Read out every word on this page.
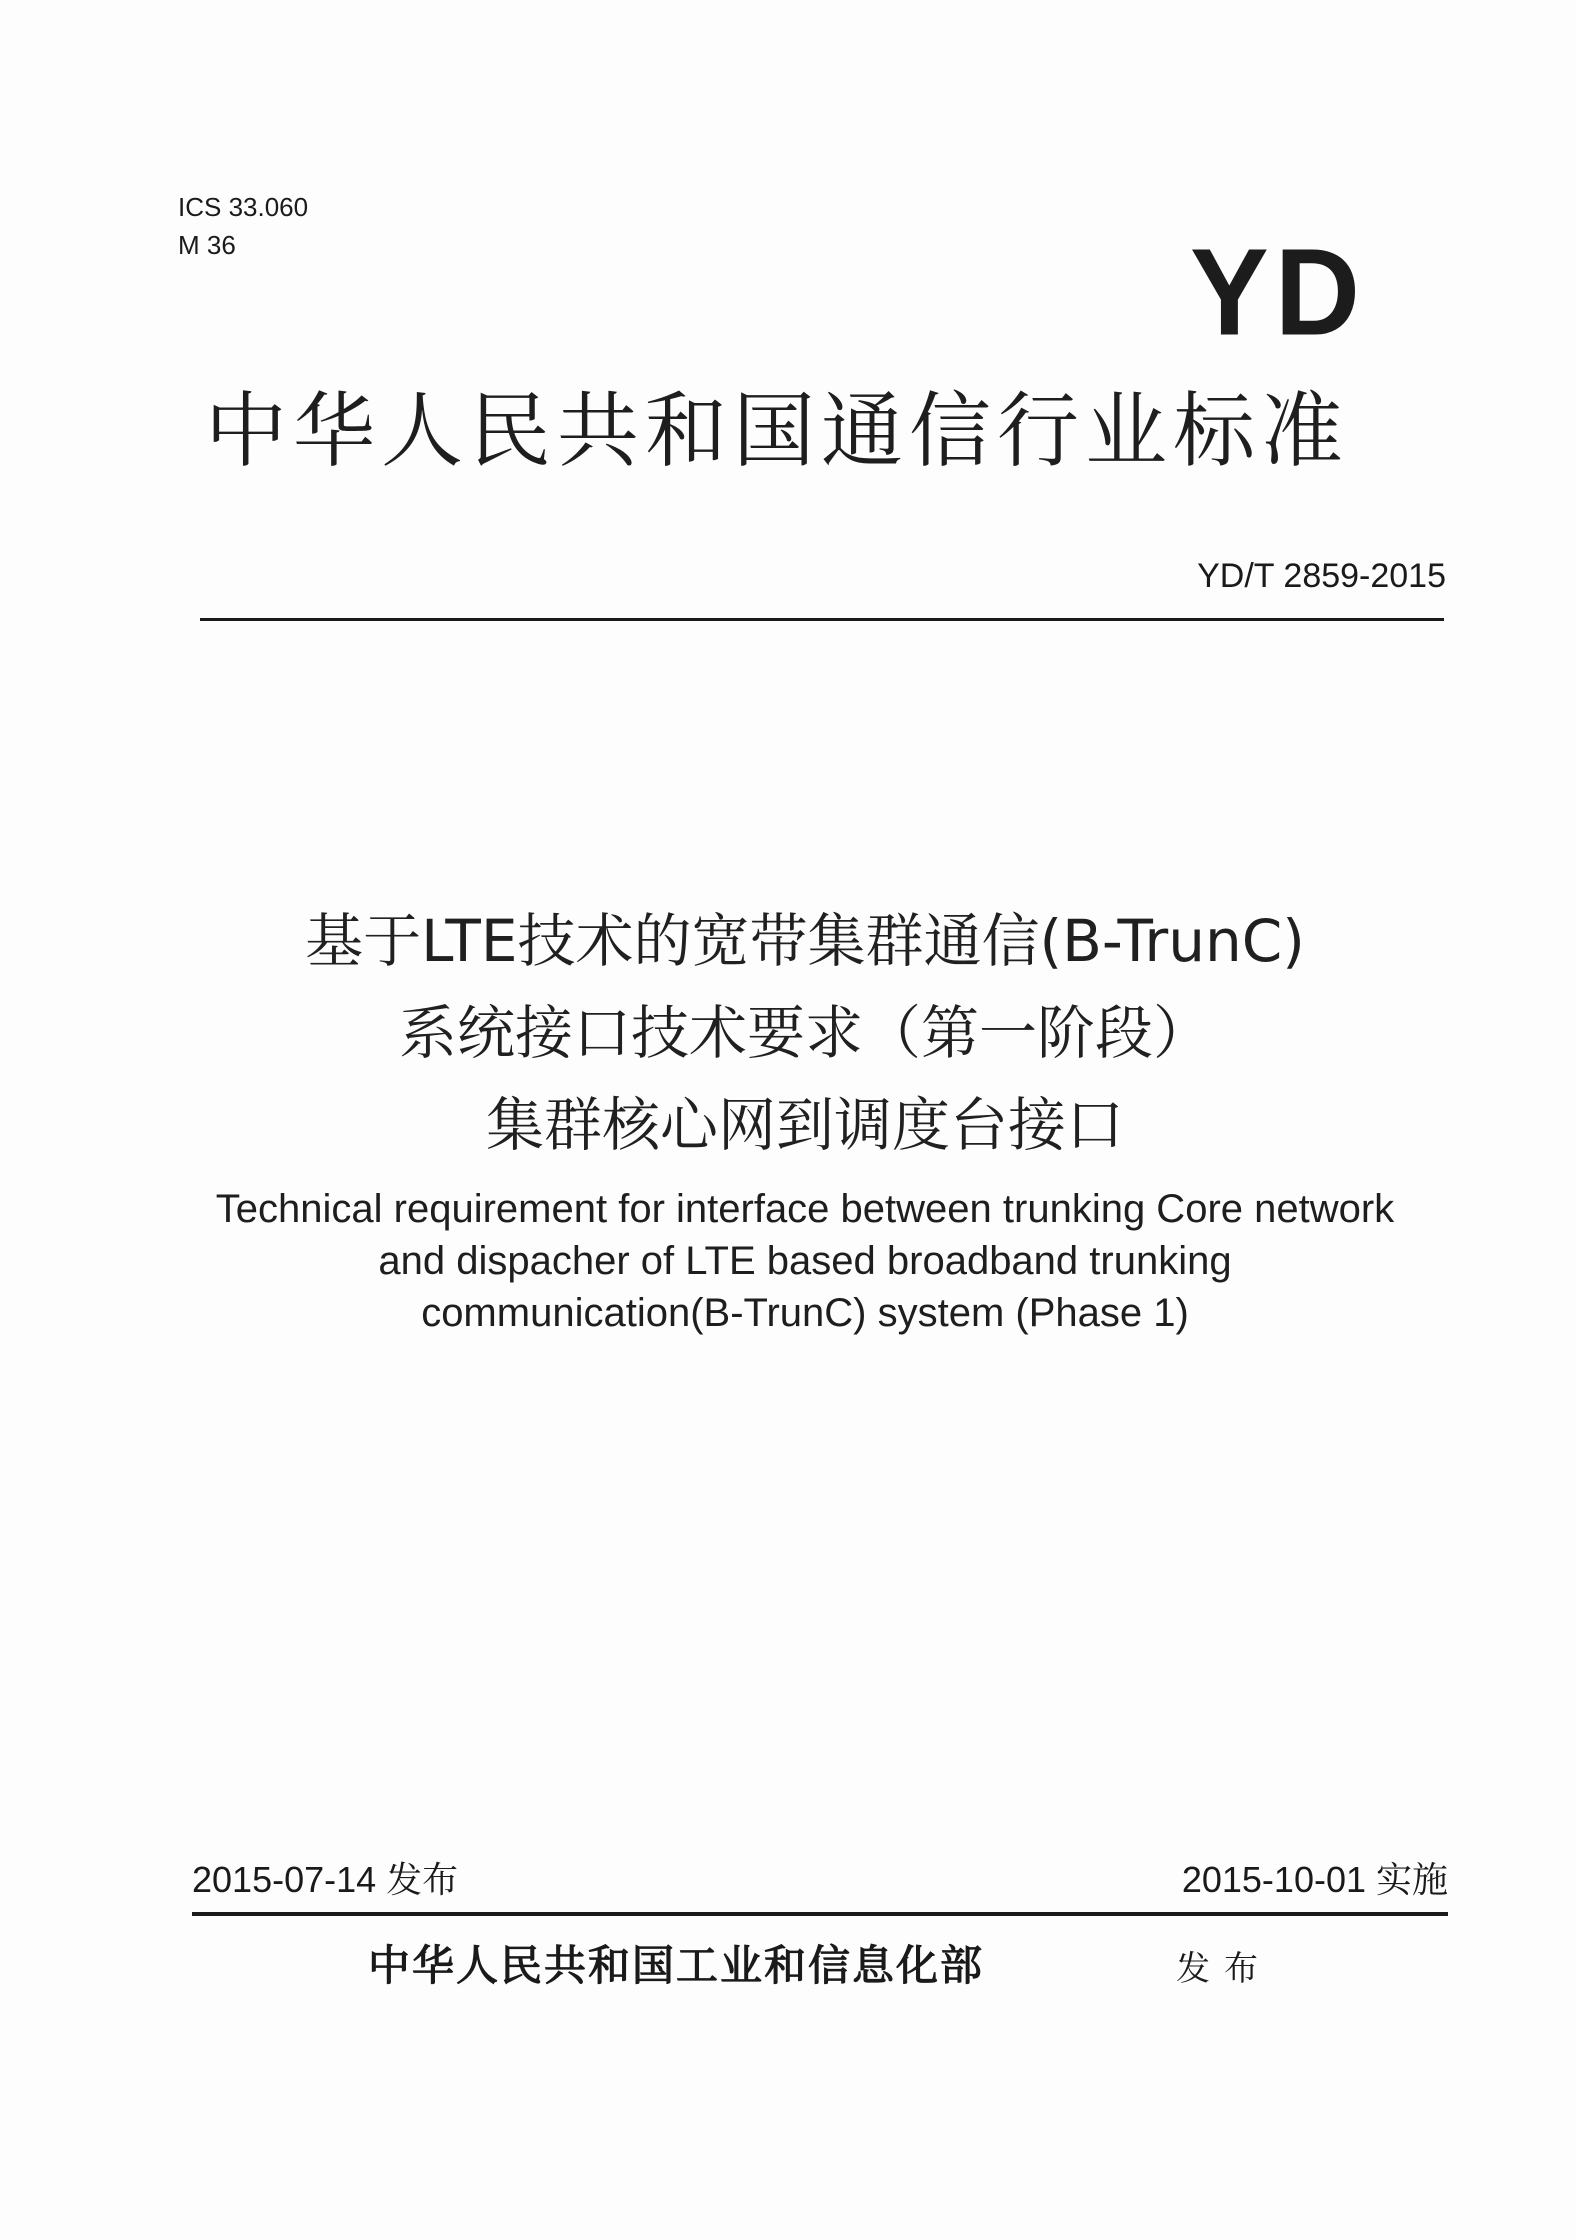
ICS 33.060
M 36	YD
中华人民共和国通信行业标准
YD/T 2859-2015
基于LTE技术的宽带集群通信(B-TrunC)
系统接口技术要求（第一阶段）
集群核心网到调度台接口
Technical requirement for interface between trunking Core network
and dispacher of LTE based broadband trunking
communication(B-TrunC) system (Phase 1)
2015-07-14 发布	2015-10-01 实施
中华人民共和国工业和信息化部	发布
